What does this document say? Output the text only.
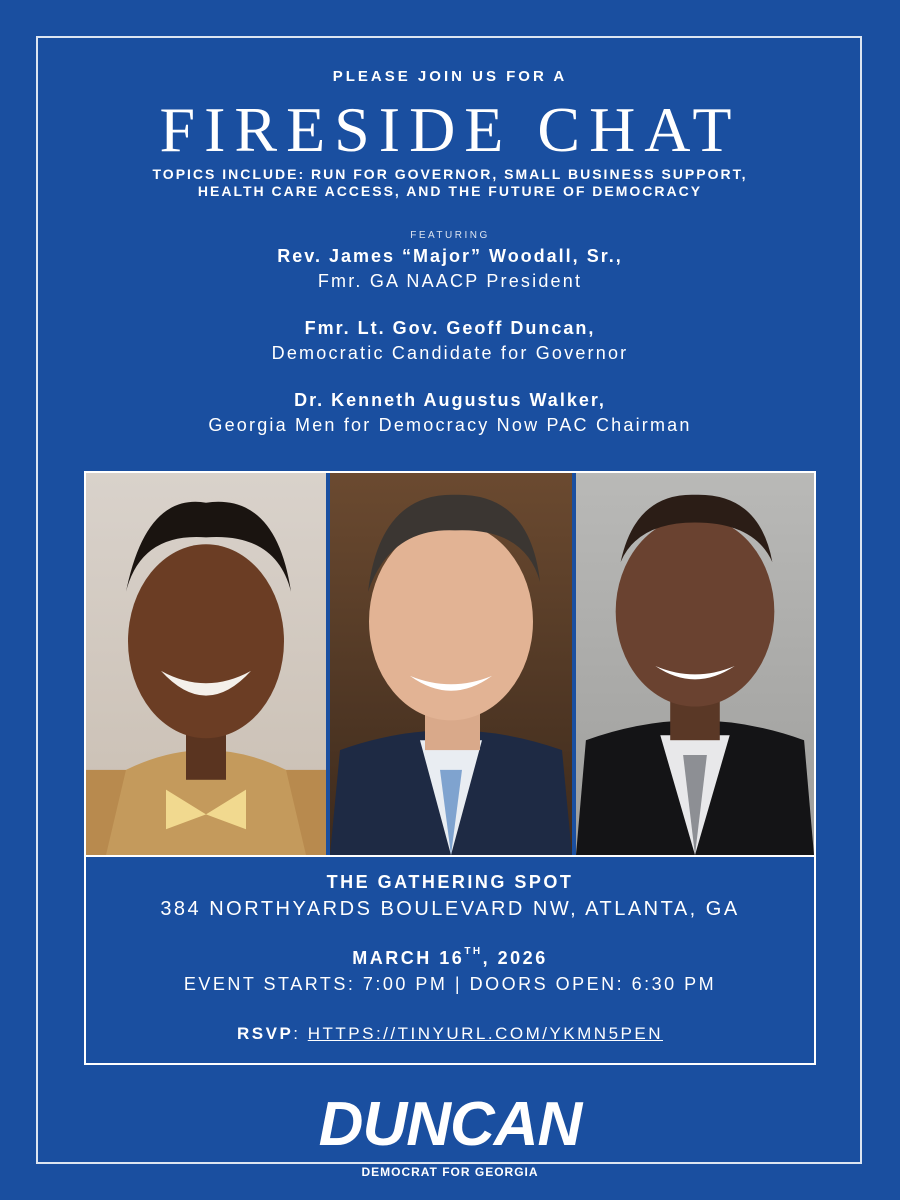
PLEASE JOIN US FOR A
FIRESIDE CHAT
TOPICS INCLUDE: RUN FOR GOVERNOR, SMALL BUSINESS SUPPORT,
HEALTH CARE ACCESS, AND THE FUTURE OF DEMOCRACY
FEATURING
Rev. James “Major” Woodall, Sr.,
Fmr. GA NAACP President
Fmr. Lt. Gov. Geoff Duncan,
Democratic Candidate for Governor
Dr. Kenneth Augustus Walker,
Georgia Men for Democracy Now PAC Chairman
THE GATHERING SPOT
384 NORTHYARDS BOULEVARD NW, ATLANTA, GA
MARCH 16TH, 2026
EVENT STARTS: 7:00 PM | DOORS OPEN: 6:30 PM
RSVP: HTTPS://TINYURL.COM/YKMN5PEN
DUNCAN
DEMOCRAT FOR GEORGIA
